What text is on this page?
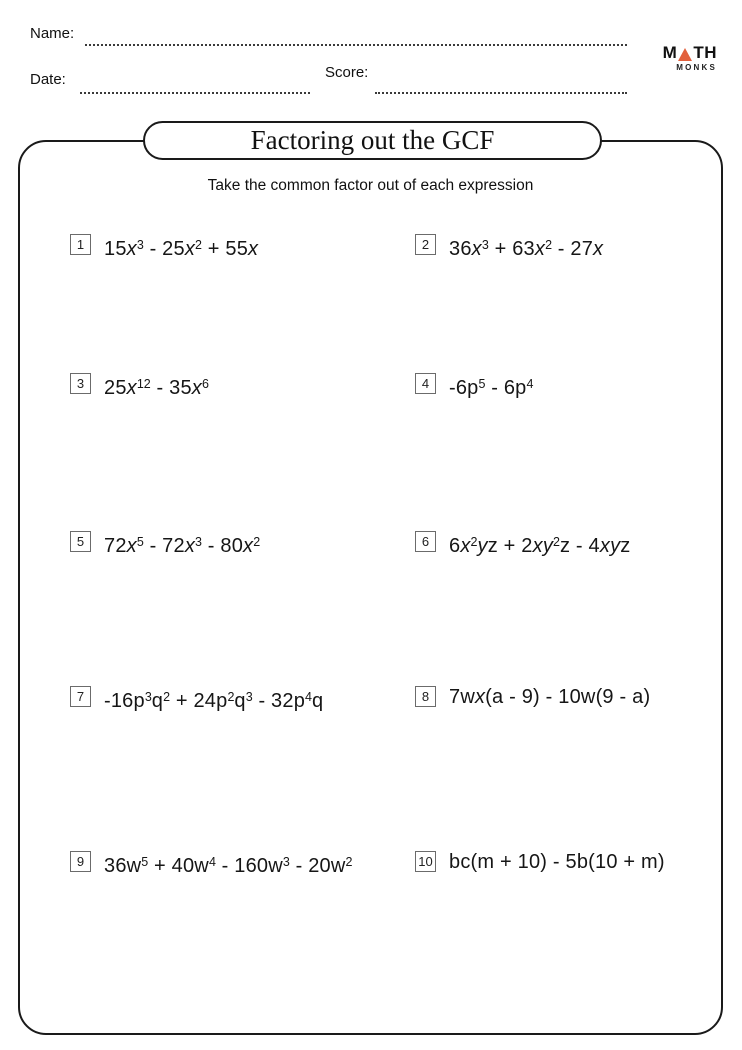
Name:
Date:	Score:
M TH
MONKS
Factoring out the GCF
Take the common factor out of each expression
1 $15x^3 - 25x^2 + 55x$	2 $36x^3 + 63x^2 - 27x$
3 $25x^{12} - 35x^6$	4 $-6p^5 - 6p^4$
5 $72x^5 - 72x^3 - 80x^2$	6 $6x^2yz + 2xy^2z - 4xyz$
7 $-16p^3q^2 + 24p^2q^3 - 32p^4q$	8 7wx(a - 9) - 10w(9 - a)
9 $36w^5 + 40w^4 - 160w^3 - 20w^2$	10 bc(m + 10) - 5b(10 + m)
